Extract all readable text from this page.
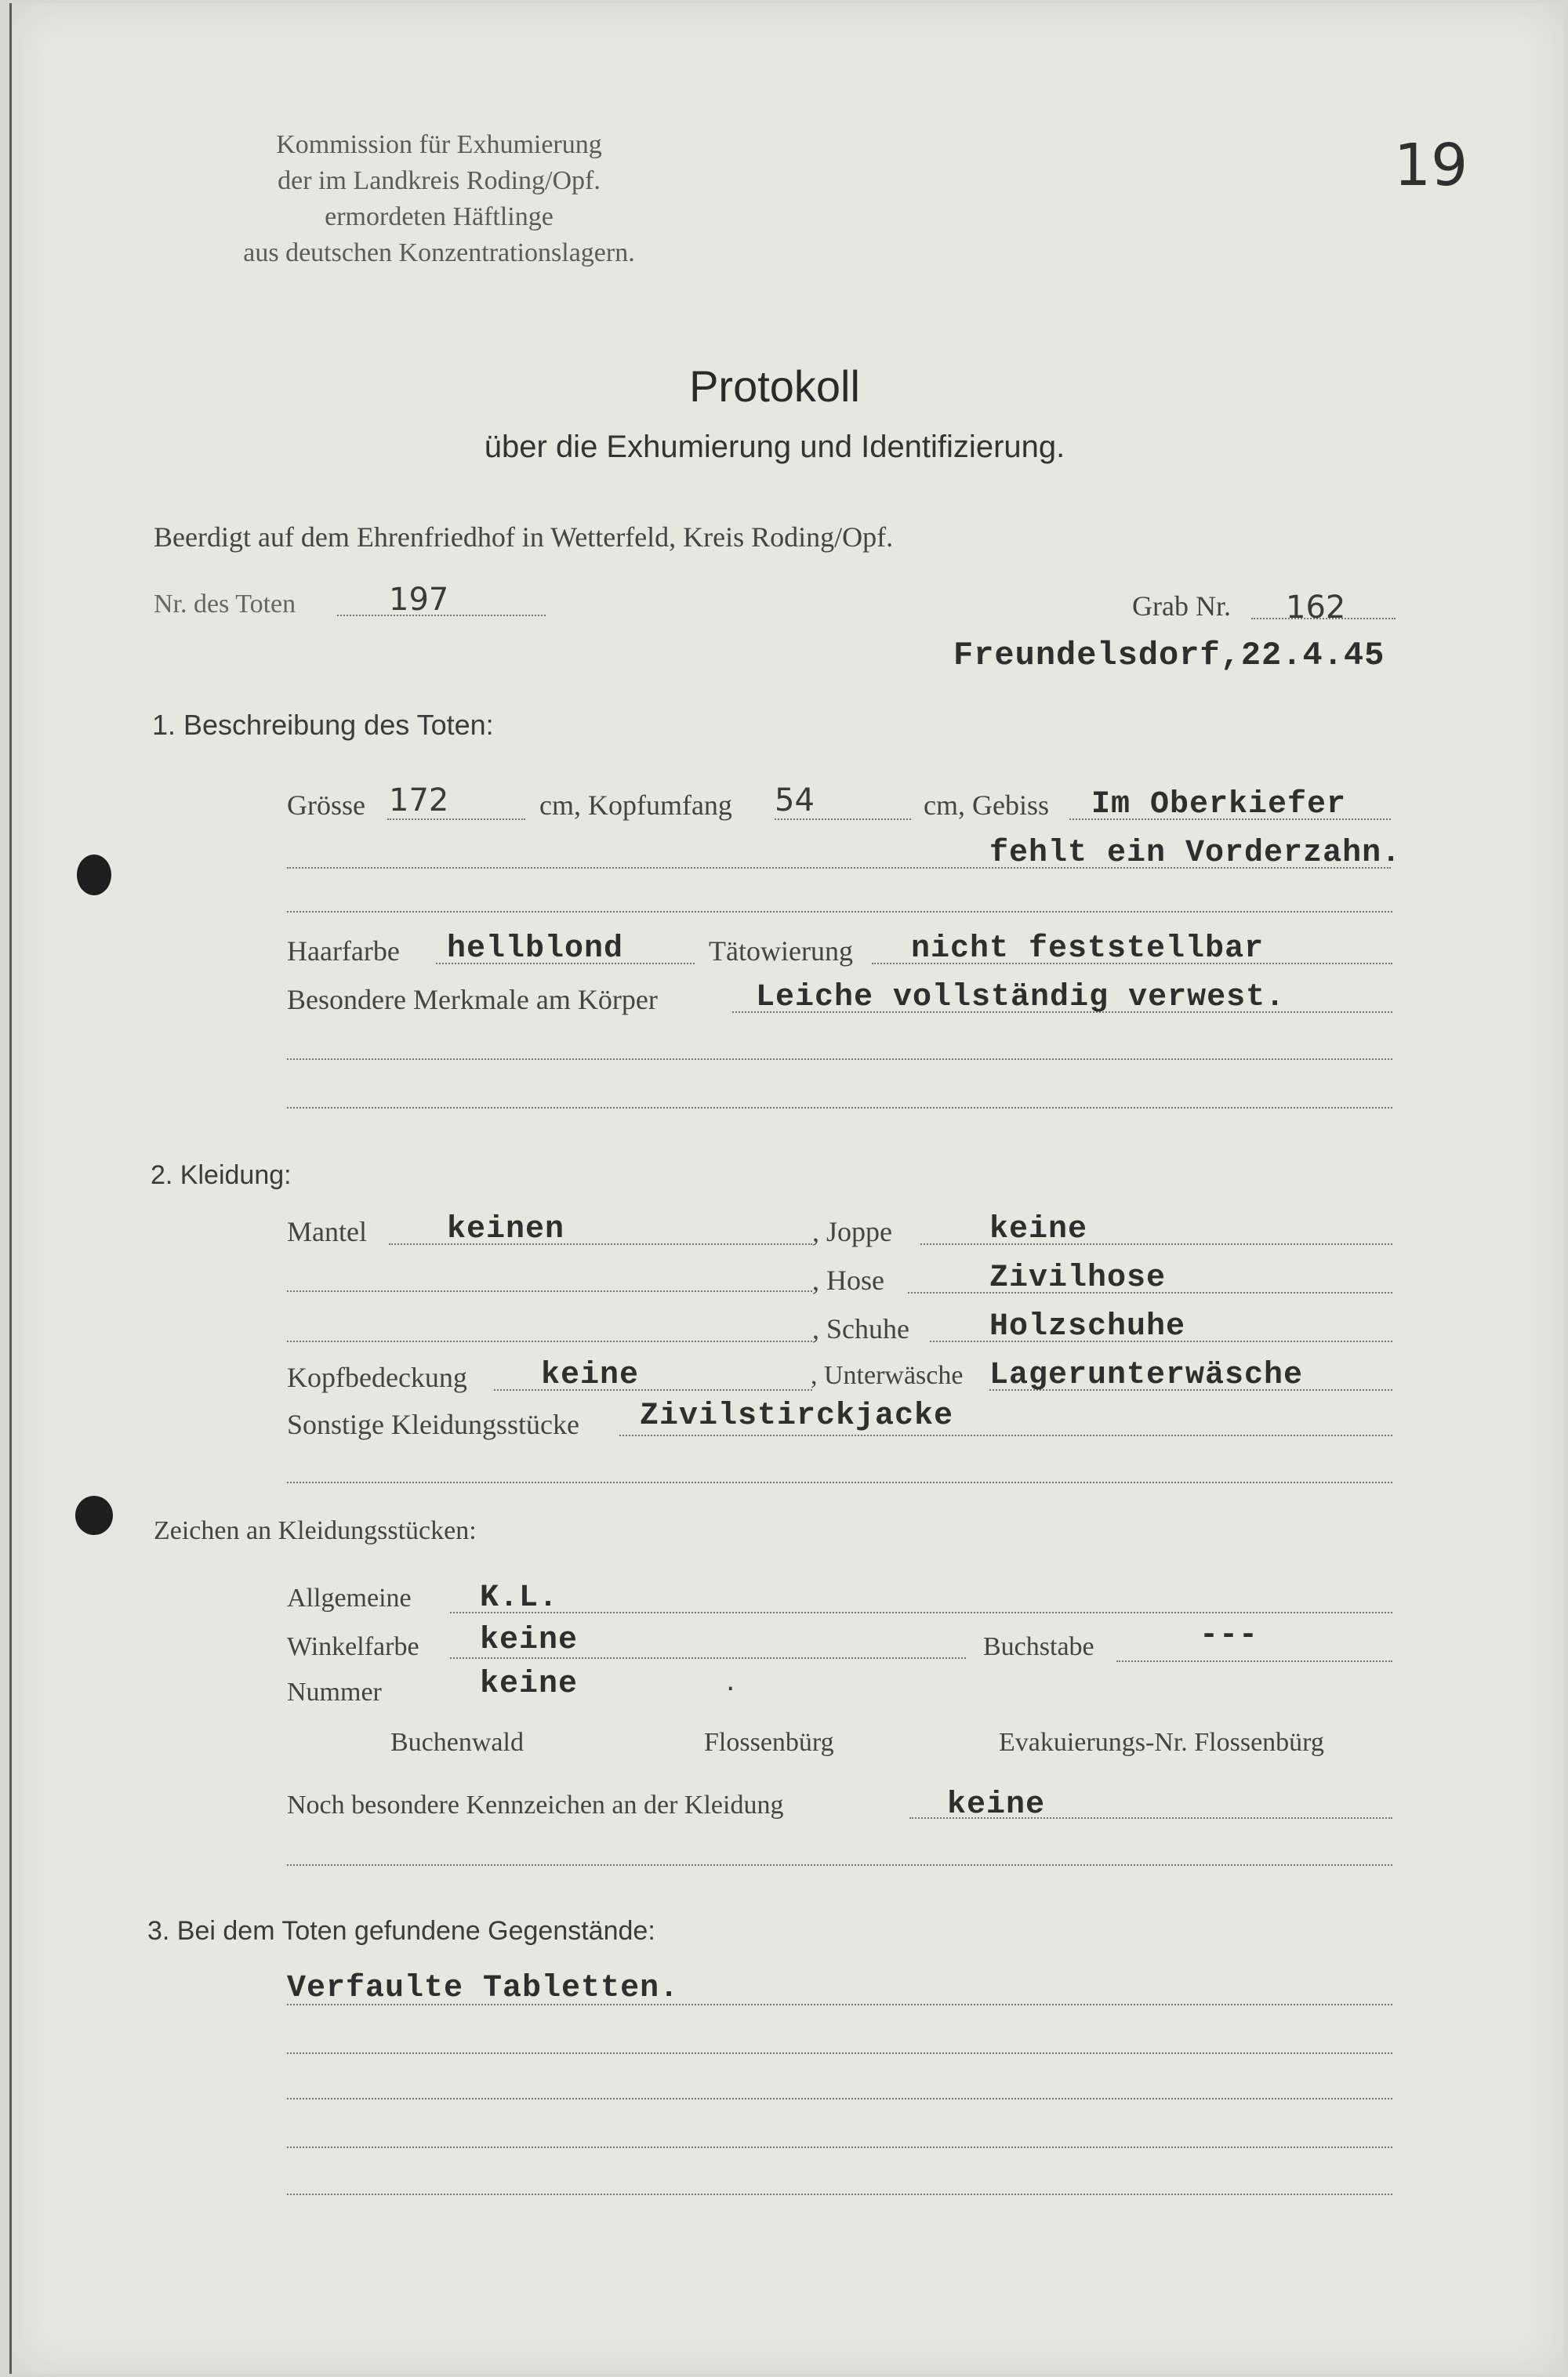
Kommission für Exhumierung
der im Landkreis Roding/Opf.
ermordeten Häftlinge
aus deutschen Konzentrationslagern.
19
Protokoll
über die Exhumierung und Identifizierung.
Beerdigt auf dem Ehrenfriedhof in Wetterfeld, Kreis Roding/Opf.
Nr. des Toten	197	Grab Nr. 162
Freundelsdorf,22.4.45
1. Beschreibung des Toten:
Grösse 172	cm, Kopfumfang 54	cm, Gebiss Im Oberkiefer
fehlt ein Vorderzahn.
Haarfarbe hellblond	Tätowierung nicht feststellbar
Besondere Merkmale am Körper	Leiche vollständig verwest.
2. Kleidung:
Mantel	keinen	, Joppe	keine
, Hose	Zivilhose
, Schuhe	Holzschuhe
Kopfbedeckung keine	, Unterwäsche Lagerunterwäsche
Sonstige Kleidungsstücke Zivilstirckjacke
Zeichen an Kleidungsstücken:
Allgemeine K.L.
Winkelfarbe keine	Buchstabe	---
Nummer	keine	.
Buchenwald	Flossenbürg	Evakuierungs-Nr. Flossenbürg
Noch besondere Kennzeichen an der Kleidung	keine
3. Bei dem Toten gefundene Gegenstände:
Verfaulte Tabletten.
